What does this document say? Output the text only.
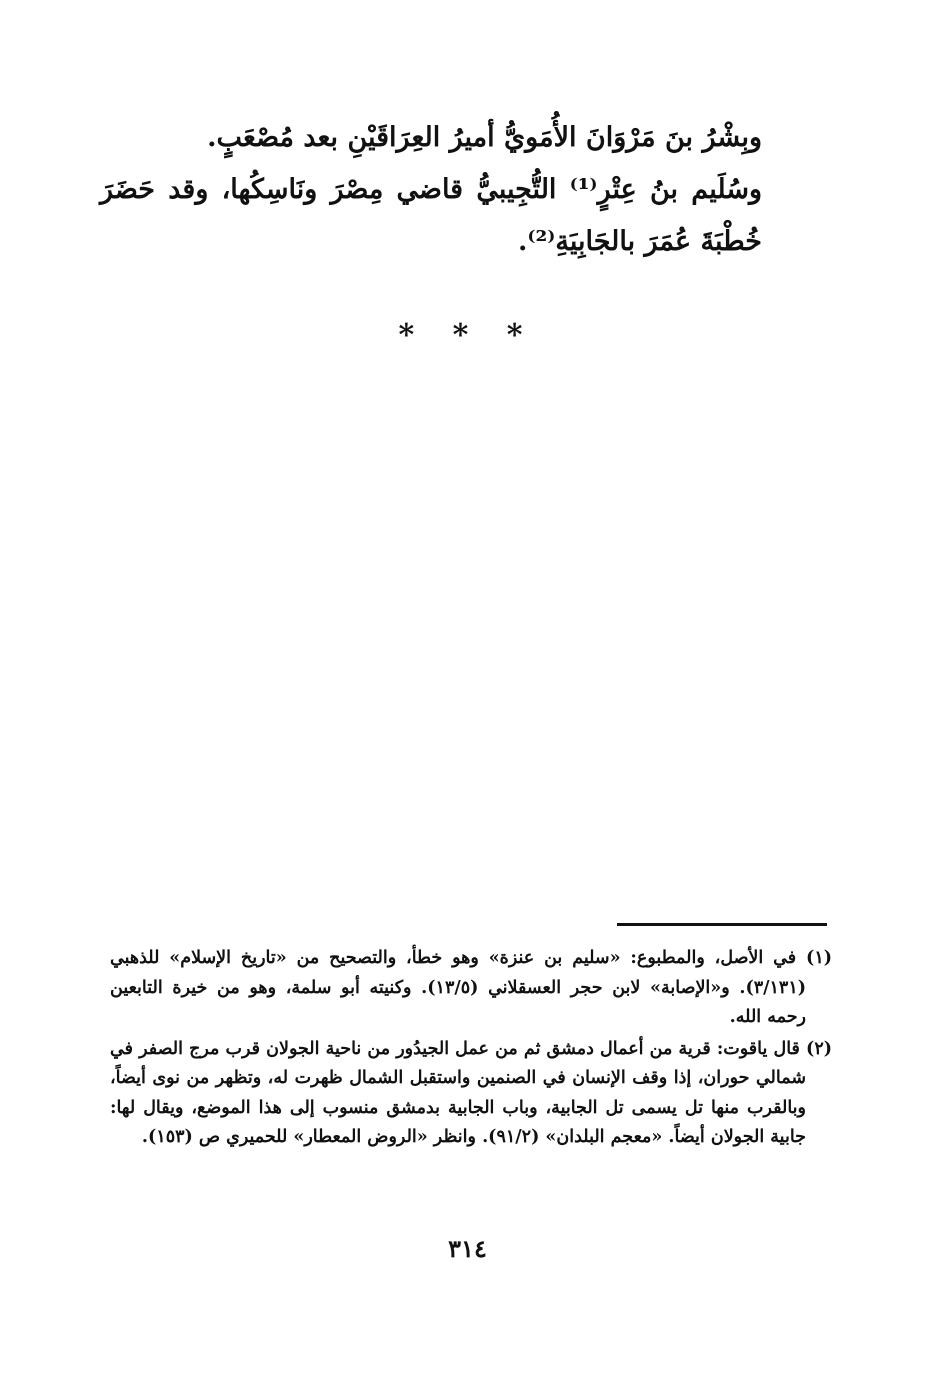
وبِشْرُ بنَ مَرْوَانَ الأُمَويُّ أميرُ العِرَاقَيْنِ بعد مُصْعَبٍ.

وسُلَيم بنُ عِتْرٍ⁽¹⁾ التُّجِيبيُّ قاضي مِصْرَ ونَاسِكُها، وقد حَضَرَ خُطْبَةَ عُمَرَ بالجَابِيَةِ⁽²⁾.

* * *

(١) في الأصل، والمطبوع: «سليم بن عنزة» وهو خطأ، والتصحيح من «تاريخ الإسلام» للذهبي (٣/١٣١). و«الإصابة» لابن حجر العسقلاني (١٣/٥). وكنيته أبو سلمة، وهو من خيرة التابعين رحمه الله.

(٢) قال ياقوت: قرية من أعمال دمشق ثم من عمل الجيدُور من ناحية الجولان قرب مرج الصفر في شمالي حوران، إذا وقف الإنسان في الصنمين واستقبل الشمال ظهرت له، وتظهر من نوى أيضاً، وبالقرب منها تل يسمى تل الجابية، وباب الجابية بدمشق منسوب إلى هذا الموضع، ويقال لها: جابية الجولان أيضاً. «معجم البلدان» (٩١/٢). وانظر «الروض المعطار» للحميري ص (١٥٣).

٣١٤
